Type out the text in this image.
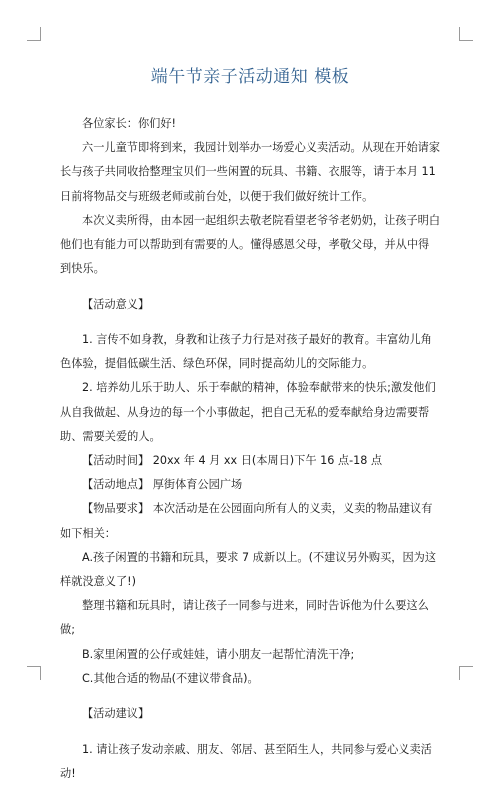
端午节亲子活动通知 模板

各位家长：你们好!

六一儿童节即将到来，我园计划举办一场爱心义卖活动。从现在开始请家长与孩子共同收拾整理宝贝们一些闲置的玩具、书籍、衣服等，请于本月 11 日前将物品交与班级老师或前台处，以便于我们做好统计工作。

本次义卖所得，由本园一起组织去敬老院看望老爷爷老奶奶，让孩子明白他们也有能力可以帮助到有需要的人。懂得感恩父母，孝敬父母，并从中得到快乐。

【活动意义】

1. 言传不如身教，身教和让孩子力行是对孩子最好的教育。丰富幼儿角色体验，提倡低碳生活、绿色环保，同时提高幼儿的交际能力。

2. 培养幼儿乐于助人、乐于奉献的精神，体验奉献带来的快乐;激发他们从自我做起、从身边的每一个小事做起，把自己无私的爱奉献给身边需要帮助、需要关爱的人。

【活动时间】 20xx 年 4 月 xx 日(本周日)下午 16 点-18 点

【活动地点】 厚街体育公园广场

【物品要求】 本次活动是在公园面向所有人的义卖，义卖的物品建议有如下相关：

A.孩子闲置的书籍和玩具，要求 7 成新以上。(不建议另外购买，因为这样就没意义了!)

整理书籍和玩具时，请让孩子一同参与进来，同时告诉他为什么要这么做;

B.家里闲置的公仔或娃娃，请小朋友一起帮忙清洗干净;

C.其他合适的物品(不建议带食品)。

【活动建议】

1. 请让孩子发动亲戚、朋友、邻居、甚至陌生人，共同参与爱心义卖活动!
